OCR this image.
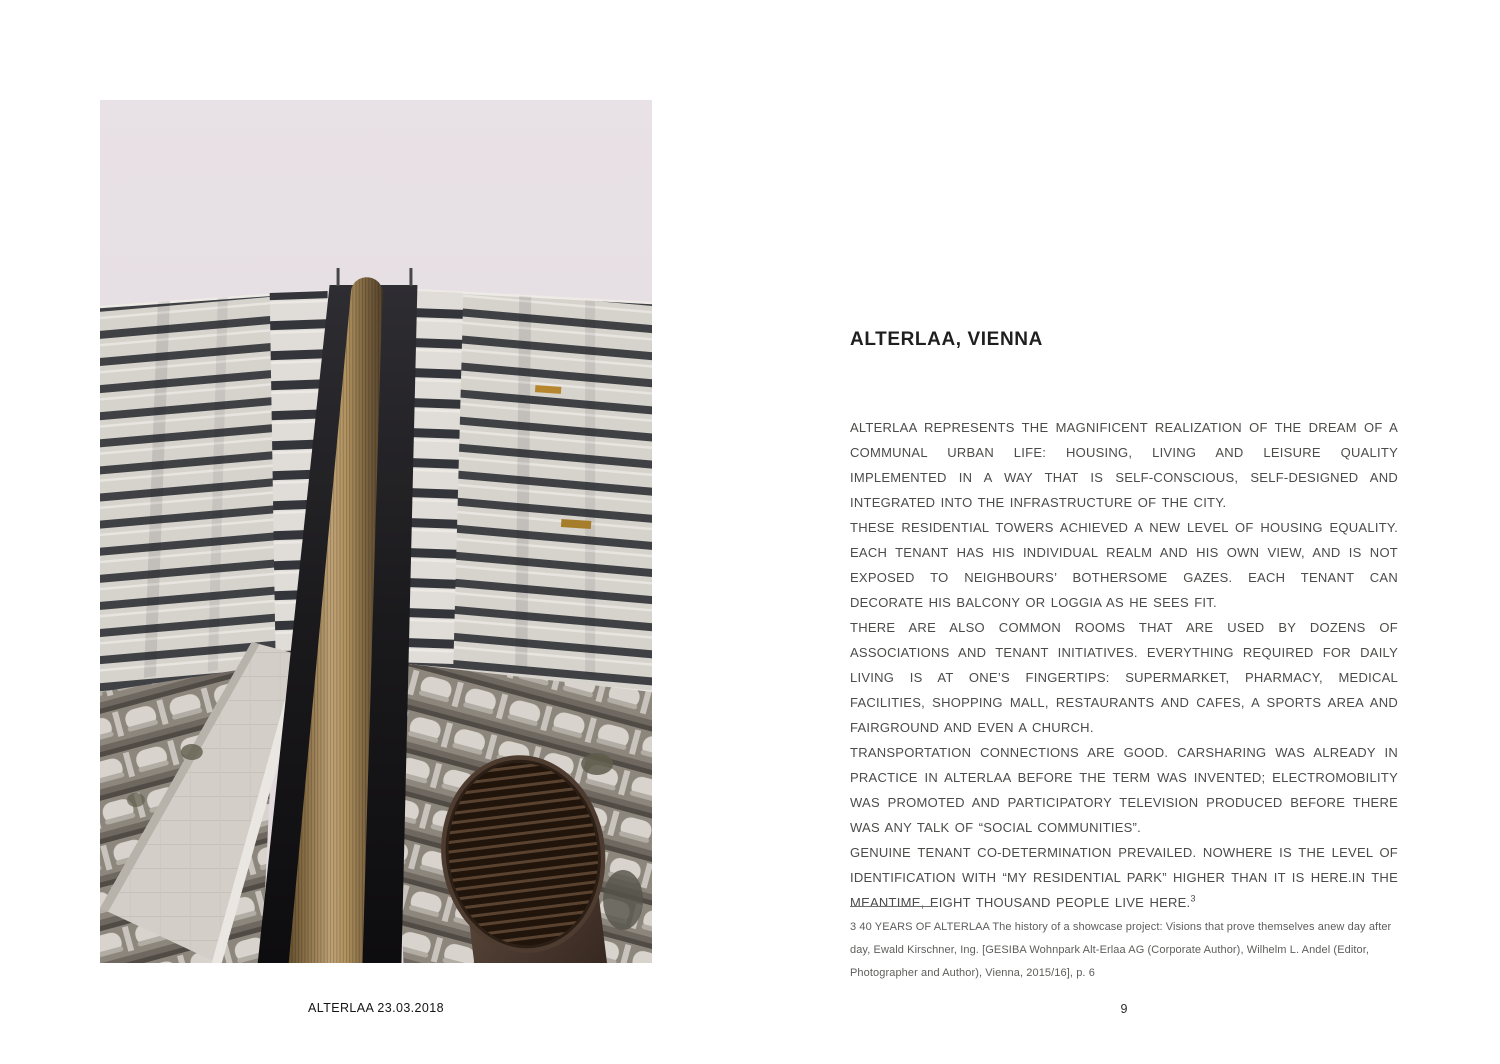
ALTERLAA 23.03.2018
ALTERLAA, VIENNA

ALTERLAA REPRESENTS THE MAGNIFICENT REALIZATION OF THE DREAM OF A COMMUNAL URBAN LIFE: HOUSING, LIVING AND LEISURE QUALITY IMPLEMENTED IN A WAY THAT IS SELF-CONSCIOUS, SELF-DESIGNED AND INTEGRATED INTO THE INFRASTRUCTURE OF THE CITY.

THESE RESIDENTIAL TOWERS ACHIEVED A NEW LEVEL OF HOUSING EQUALITY. EACH TENANT HAS HIS INDIVIDUAL REALM AND HIS OWN VIEW, AND IS NOT EXPOSED TO NEIGHBOURS’ BOTHERSOME GAZES. EACH TENANT CAN DECORATE HIS BALCONY OR LOGGIA AS HE SEES FIT.

THERE ARE ALSO COMMON ROOMS THAT ARE USED BY DOZENS OF ASSOCIATIONS AND TENANT INITIATIVES. EVERYTHING REQUIRED FOR DAILY LIVING IS AT ONE’S FINGERTIPS: SUPERMARKET, PHARMACY, MEDICAL FACILITIES, SHOPPING MALL, RESTAURANTS AND CAFES, A SPORTS AREA AND FAIRGROUND AND EVEN A CHURCH.

TRANSPORTATION CONNECTIONS ARE GOOD. CARSHARING WAS ALREADY IN PRACTICE IN ALTERLAA BEFORE THE TERM WAS INVENTED; ELECTROMOBILITY WAS PROMOTED AND PARTICIPATORY TELEVISION PRODUCED BEFORE THERE WAS ANY TALK OF “SOCIAL COMMUNITIES”.

GENUINE TENANT CO-DETERMINATION PREVAILED. NOWHERE IS THE LEVEL OF IDENTIFICATION WITH “MY RESIDENTIAL PARK” HIGHER THAN IT IS HERE.IN THE MEANTIME, EIGHT THOUSAND PEOPLE LIVE HERE.$^3$

3 40 YEARS OF ALTERLAA The history of a showcase project: Visions that prove themselves anew day after day, Ewald Kirschner, Ing. [GESIBA Wohnpark Alt-Erlaa AG (Corporate Author), Wilhelm L. Andel (Editor, Photographer and Author), Vienna, 2015/16], p. 6
9
